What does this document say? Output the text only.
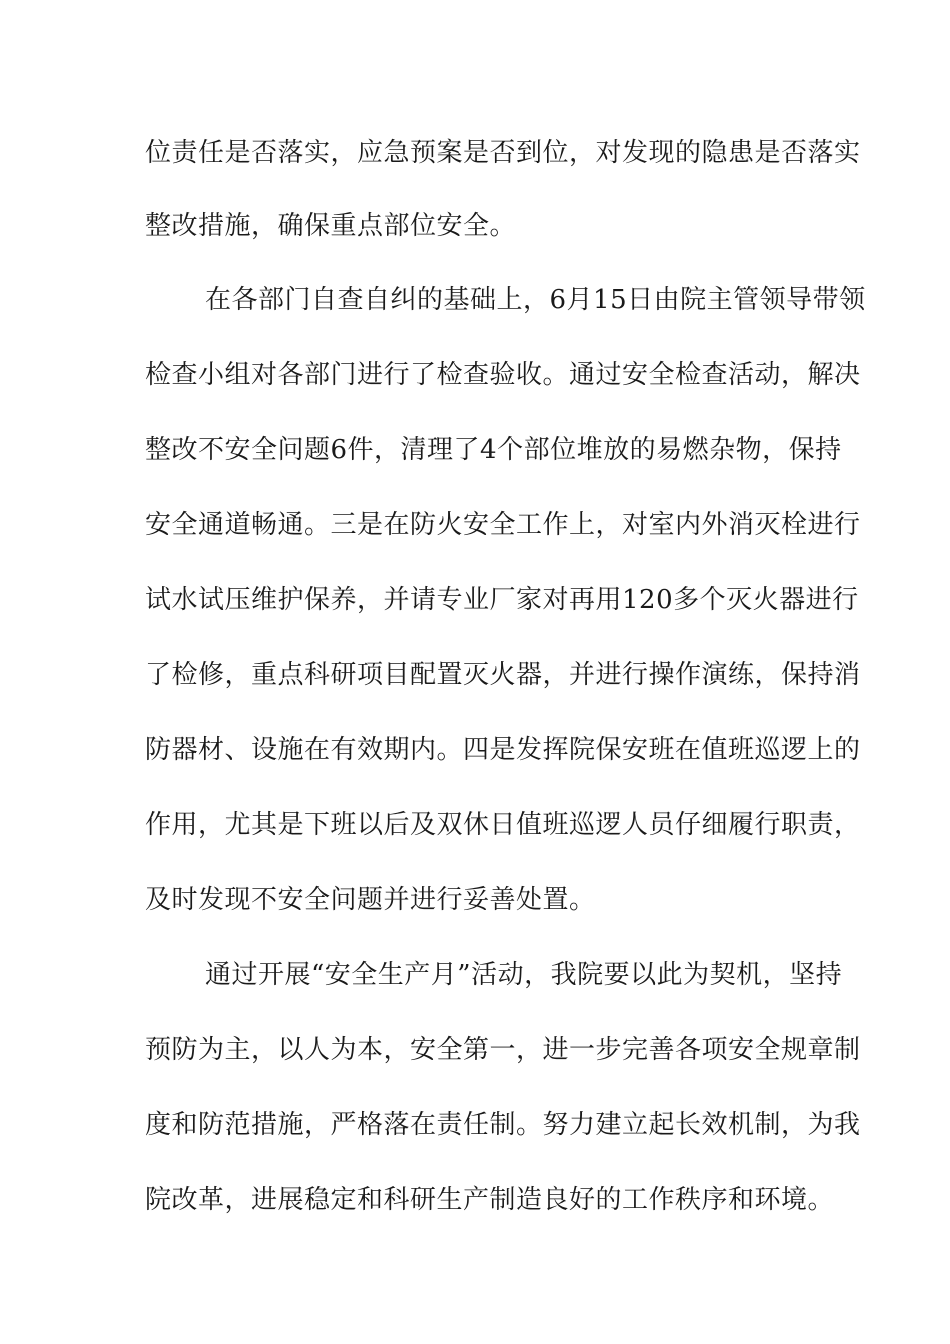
位责任是否落实，应急预案是否到位，对发现的隐患是否落实
整改措施，确保重点部位安全。
在各部门自查自纠的基础上，6月15日由院主管领导带领
检查小组对各部门进行了检查验收。通过安全检查活动，解决
整改不安全问题6件，清理了4个部位堆放的易燃杂物，保持
安全通道畅通。三是在防火安全工作上，对室内外消灭栓进行
试水试压维护保养，并请专业厂家对再用120多个灭火器进行
了检修，重点科研项目配置灭火器，并进行操作演练，保持消
防器材、设施在有效期内。四是发挥院保安班在值班巡逻上的
作用，尤其是下班以后及双休日值班巡逻人员仔细履行职责，
及时发现不安全问题并进行妥善处置。
通过开展“安全生产月”活动，我院要以此为契机，坚持
预防为主，以人为本，安全第一，进一步完善各项安全规章制
度和防范措施，严格落在责任制。努力建立起长效机制，为我
院改革，进展稳定和科研生产制造良好的工作秩序和环境。
